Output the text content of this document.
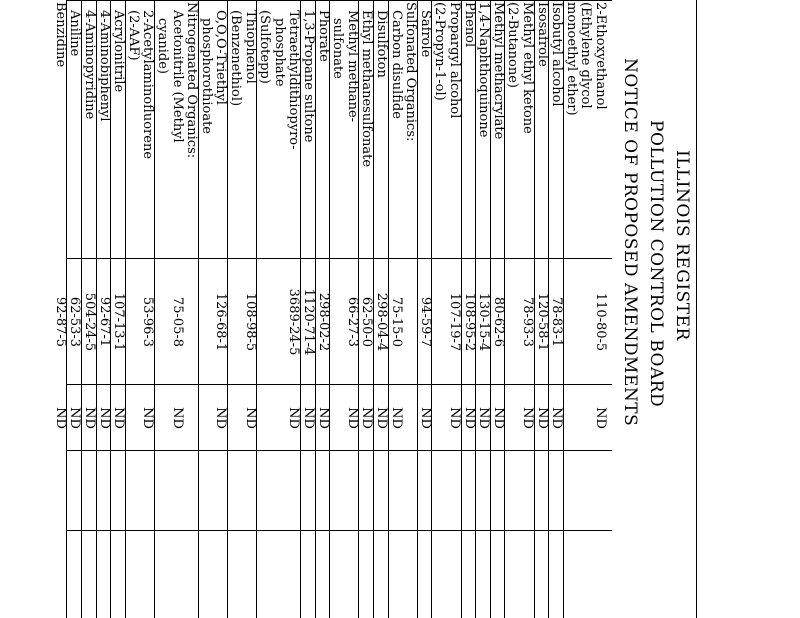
ILLINOIS REGISTER
POLLUTION CONTROL BOARD
NOTICE OF PROPOSED AMENDMENTS
2-Ethoxyethanol
110-80-5
ND
(Ethylene glycol
monoethyl ether)
Isobutyl alcohol
78-83-1
ND
Isosafrole
120-58-1
ND
Methyl ethyl ketone
78-93-3
ND
(2-Butanone)
Methyl methacrylate
80-62-6
ND
1,4-Naphthoquinone
130-15-4
ND
Phenol
108-95-2
ND
Propargyl alcohol
107-19-7
ND
(2-Propyn-1-ol)
Safrole
94-59-7
ND
Sulfonated Organics:
Carbon disulfide
75-15-0
ND
Disulfoton
298-04-4
ND
Ethyl methanesulfonate
62-50-0
ND
Methyl methane-
66-27-3
ND
sulfonate
Phorate
298-02-2
ND
1,3-Propane sultone
1120-71-4
ND
Tetraethyldithiopyro-
3689-24-5
ND
phosphate
(Sulfotepp)
Thiophenol
108-98-5
ND
(Benzenethiol)
O,O,O-Triethyl
126-68-1
ND
phosphorothioate
Nitrogenated Organics:
Acetonitrile (Methyl
75-05-8
ND
cyanide)
2-Acetylaminofluorene
53-96-3
ND
(2-AAF)
Acrylonitrile
107-13-1
ND
4-Aminobiphenyl
92-67-1
ND
4-Aminopyridine
504-24-5
ND
Aniline
62-53-3
ND
Benzidine
92-87-5
ND
